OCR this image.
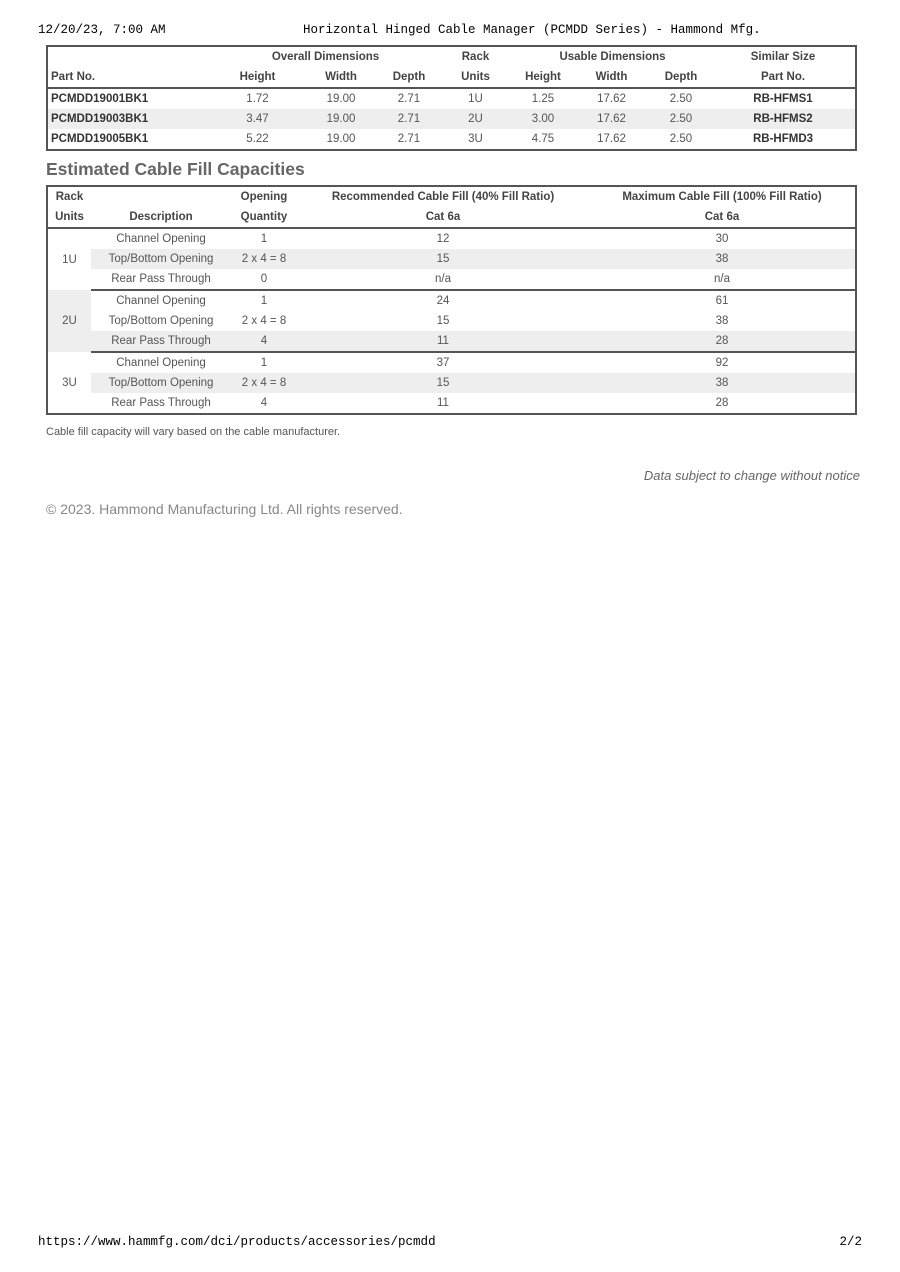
12/20/23, 7:00 AM	Horizontal Hinged Cable Manager (PCMDD Series) - Hammond Mfg.
	Overall Dimensions			Rack	Usable Dimensions			Similar Size
Part No.	Height	Width	Depth	Units	Height	Width	Depth	Part No.
PCMDD19001BK1	1.72	19.00	2.71	1U	1.25	17.62	2.50	RB-HFMS1
PCMDD19003BK1	3.47	19.00	2.71	2U	3.00	17.62	2.50	RB-HFMS2
PCMDD19005BK1	5.22	19.00	2.71	3U	4.75	17.62	2.50	RB-HFMD3
Estimated Cable Fill Capacities
Rack		Opening	Recommended Cable Fill (40% Fill Ratio)	Maximum Cable Fill (100% Fill Ratio)
Units	Description	Quantity	Cat 6a	Cat 6a
1U	Channel Opening	1	12	30
	Top/Bottom Opening	2 x 4 = 8	15	38
	Rear Pass Through	0	n/a	n/a
2U	Channel Opening	1	24	61
	Top/Bottom Opening	2 x 4 = 8	15	38
	Rear Pass Through	4	11	28
3U	Channel Opening	1	37	92
	Top/Bottom Opening	2 x 4 = 8	15	38
	Rear Pass Through	4	11	28
Cable fill capacity will vary based on the cable manufacturer.
Data subject to change without notice
© 2023. Hammond Manufacturing Ltd. All rights reserved.
https://www.hammfg.com/dci/products/accessories/pcmdd	2/2
